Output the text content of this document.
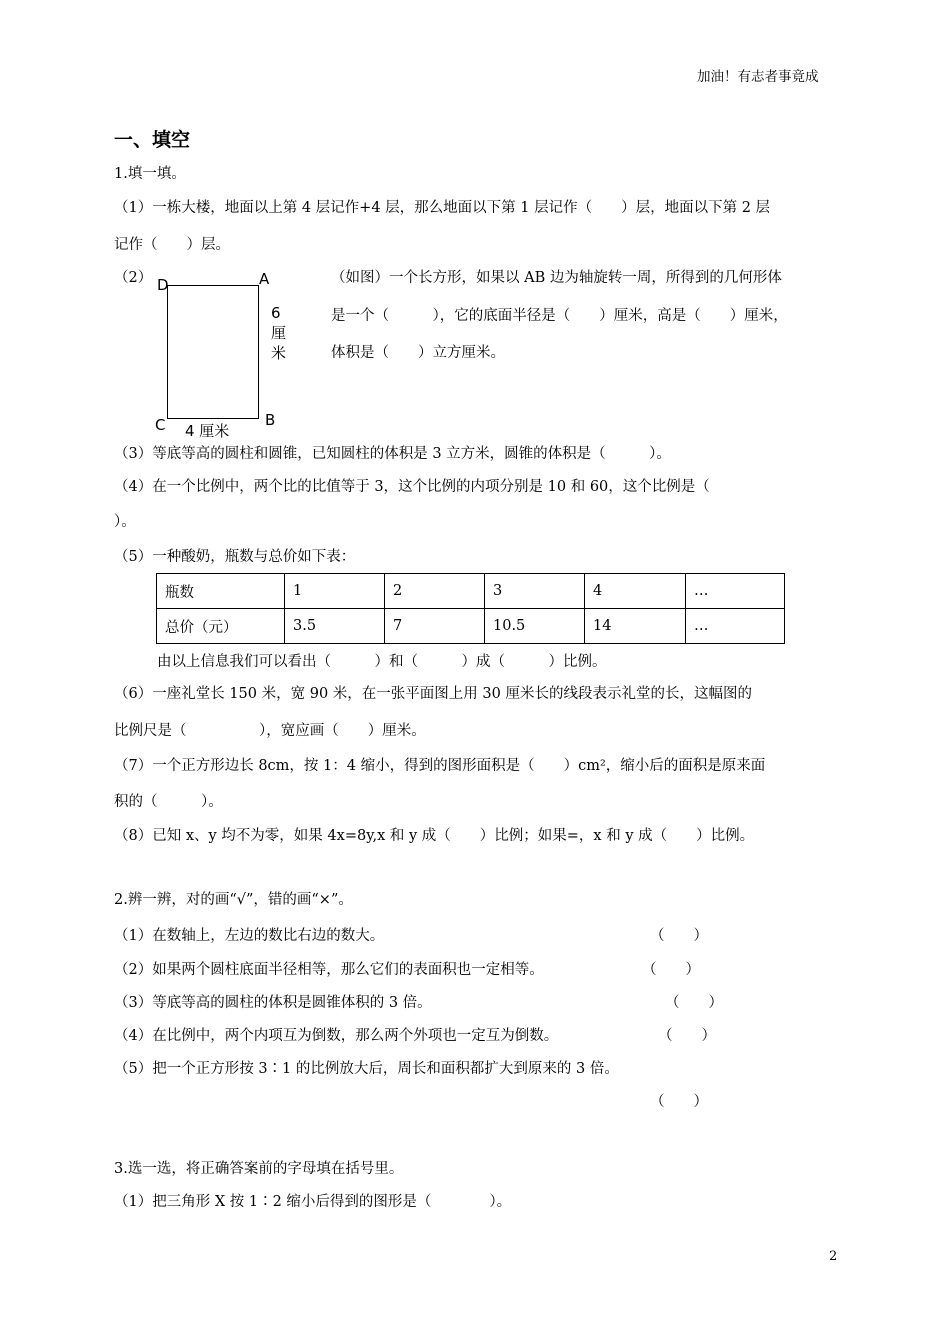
加油！有志者事竟成
一、填空
1.填一填。
（1）一栋大楼，地面以上第 4 层记作+4 层，那么地面以下第 1 层记作（　　）层，地面以下第 2 层
记作（　　）层。
（2） D	A
C	B
6
厘
米
4 厘米
（如图）一个长方形，如果以 AB 边为轴旋转一周，所得到的几何形体
是一个（　　　），它的底面半径是（　　）厘米，高是（　　）厘米，
体积是（　　）立方厘米。
（3）等底等高的圆柱和圆锥，已知圆柱的体积是 3 立方米，圆锥的体积是（　　　）。
（4）在一个比例中，两个比的比值等于 3，这个比例的内项分别是 10 和 60，这个比例是（
）。
（5）一种酸奶，瓶数与总价如下表：
瓶数	1	2	3	4	…
总价（元）	3.5	7	10.5	14	…
由以上信息我们可以看出（　　　）和（　　　）成（　　　）比例。
（6）一座礼堂长 150 米，宽 90 米，在一张平面图上用 30 厘米长的线段表示礼堂的长，这幅图的
比例尺是（　　　　　），宽应画（　　）厘米。
（7）一个正方形边长 8cm，按 1：4 缩小，得到的图形面积是（　　）cm²，缩小后的面积是原来面
积的（　　　）。
（8）已知 x、y 均不为零，如果 4x=8y,x 和 y 成（　　）比例；如果=，x 和 y 成（　　）比例。
2.辨一辨，对的画“√”，错的画“×”。
（1）在数轴上，左边的数比右边的数大。	（　　）
（2）如果两个圆柱底面半径相等，那么它们的表面积也一定相等。	（　　）
（3）等底等高的圆柱的体积是圆锥体积的 3 倍。	（　　）
（4）在比例中，两个内项互为倒数，那么两个外项也一定互为倒数。	（　　）
（5）把一个正方形按 3∶1 的比例放大后，周长和面积都扩大到原来的 3 倍。
（　　）
3.选一选，将正确答案前的字母填在括号里。
（1）把三角形 X 按 1∶2 缩小后得到的图形是（　　　　）。
2
